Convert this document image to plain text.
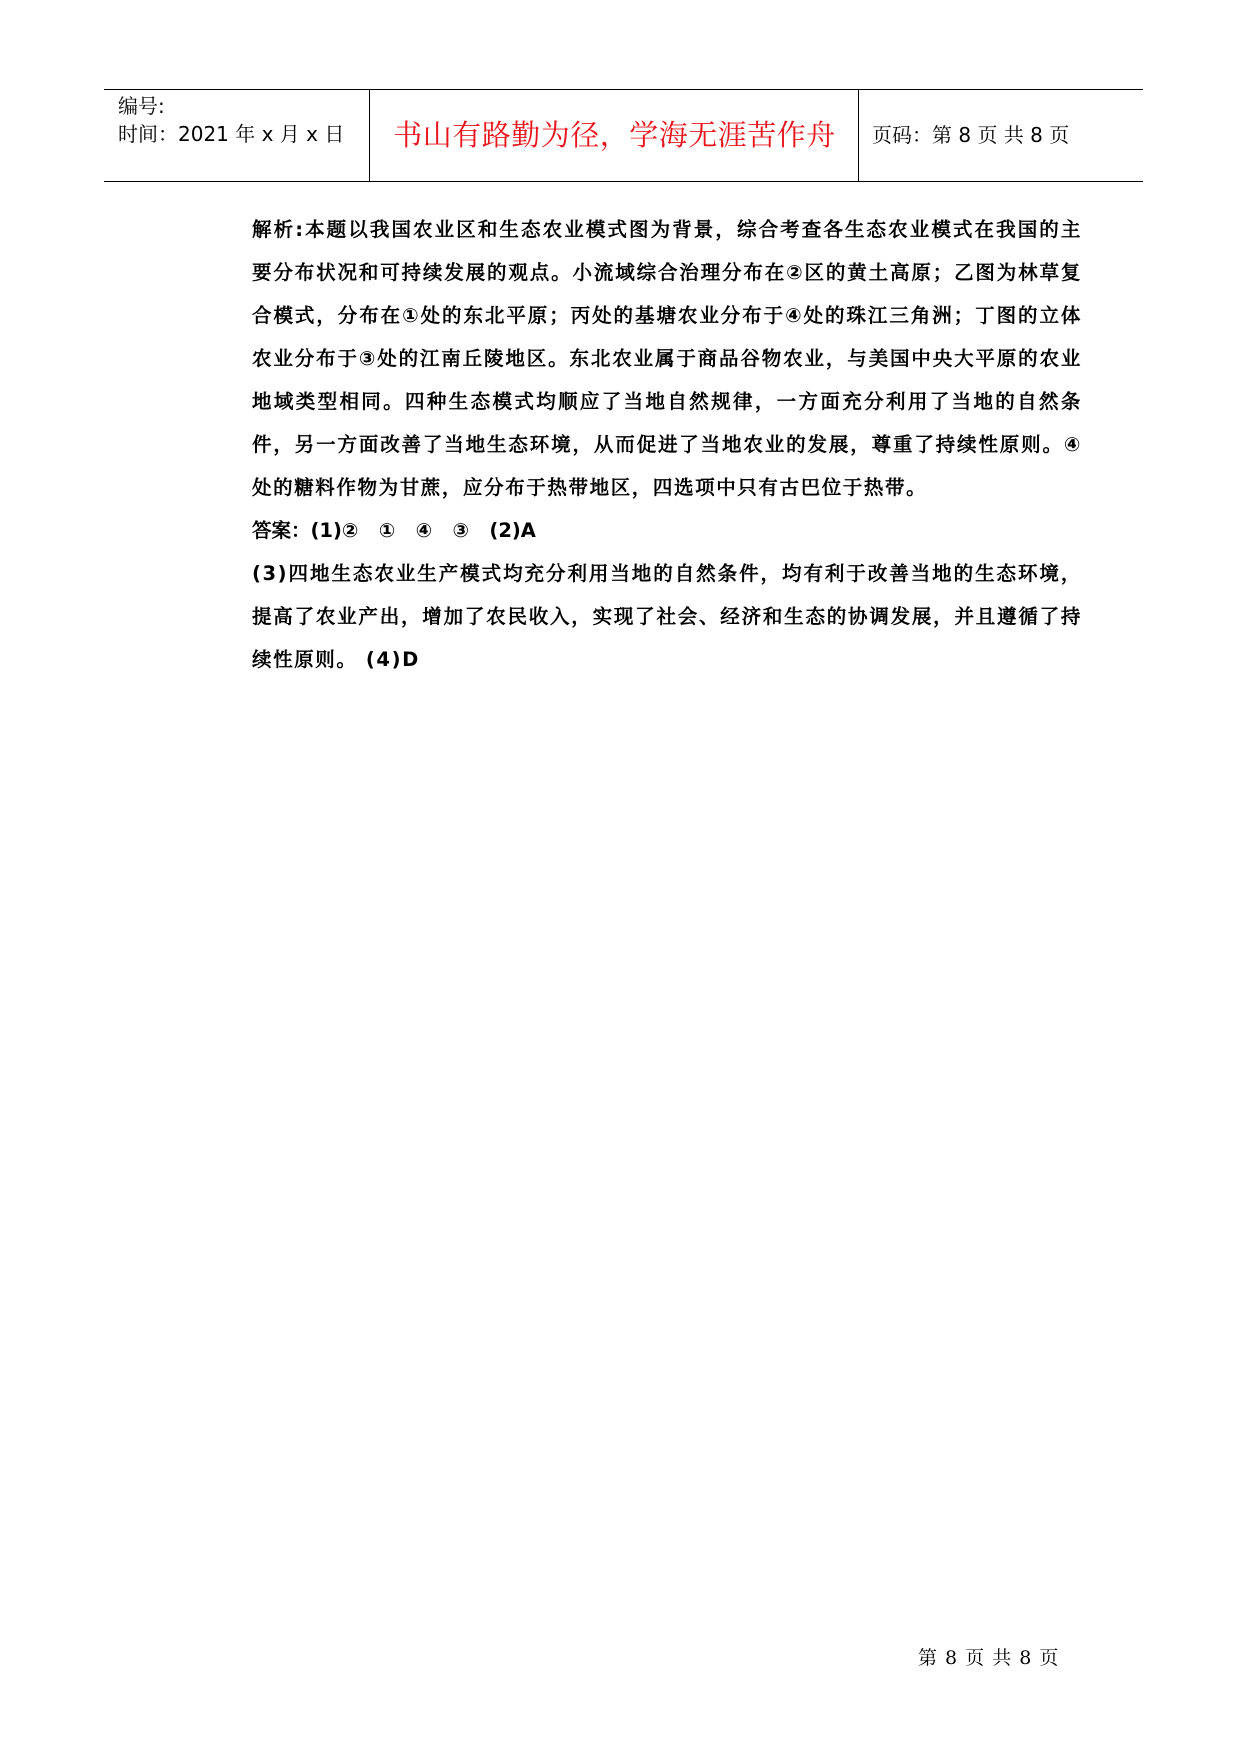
编号:
时间：2021 年 x 月 x 日	书山有路勤为径，学海无涯苦作舟	页码：第 8 页 共 8 页

解析:本题以我国农业区和生态农业模式图为背景，综合考查各生态农业模式在我国的主要分布状况和可持续发展的观点。小流域综合治理分布在②区的黄土高原；乙图为林草复合模式，分布在①处的东北平原；丙处的基塘农业分布于④处的珠江三角洲；丁图的立体农业分布于③处的江南丘陵地区。东北农业属于商品谷物农业，与美国中央大平原的农业地域类型相同。四种生态模式均顺应了当地自然规律，一方面充分利用了当地的自然条件，另一方面改善了当地生态环境，从而促进了当地农业的发展，尊重了持续性原则。④处的糖料作物为甘蔗，应分布于热带地区，四选项中只有古巴位于热带。

答案：(1)②   ①   ④   ③   (2)A

(3)四地生态农业生产模式均充分利用当地的自然条件，均有利于改善当地的生态环境，提高了农业产出，增加了农民收入，实现了社会、经济和生态的协调发展，并且遵循了持续性原则。 (4)D

第 8 页 共 8 页
